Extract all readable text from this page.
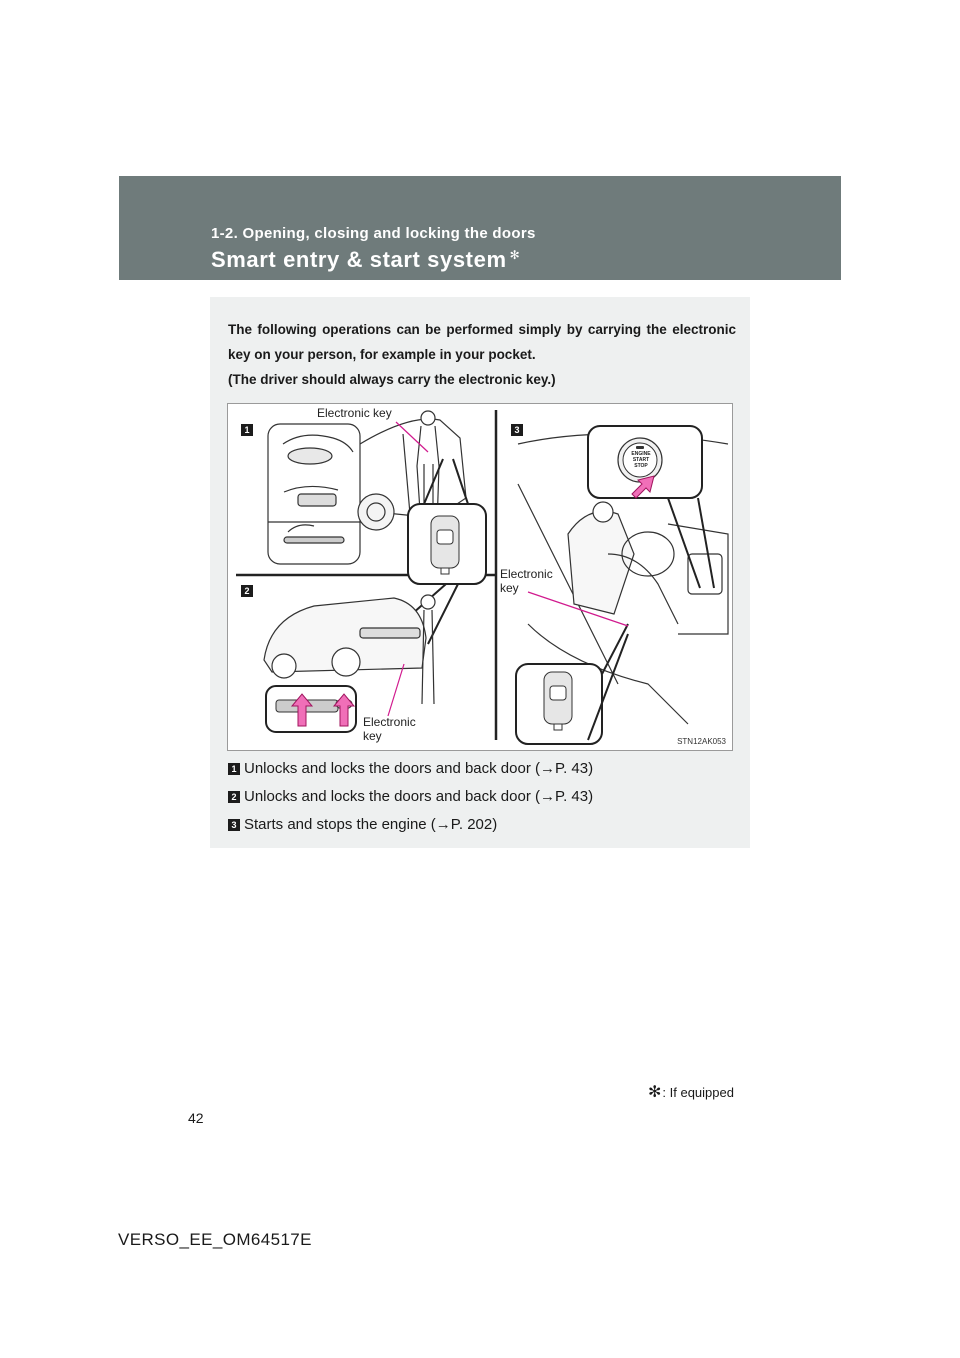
1-2. Opening, closing and locking the doors
Smart entry & start system ✻

The following operations can be performed simply by carrying the electronic key on your person, for example in your pocket.

(The driver should always carry the electronic key.)

1
2
3
Electronic key
Electronic
key
Electronic
key
ENGINE
START
STOP
STN12AK053
1 Unlocks and locks the doors and back door (→P. 43)
2 Unlocks and locks the doors and back door (→P. 43)
3 Starts and stops the engine (→P. 202)
✻: If equipped
42
VERSO_EE_OM64517E
